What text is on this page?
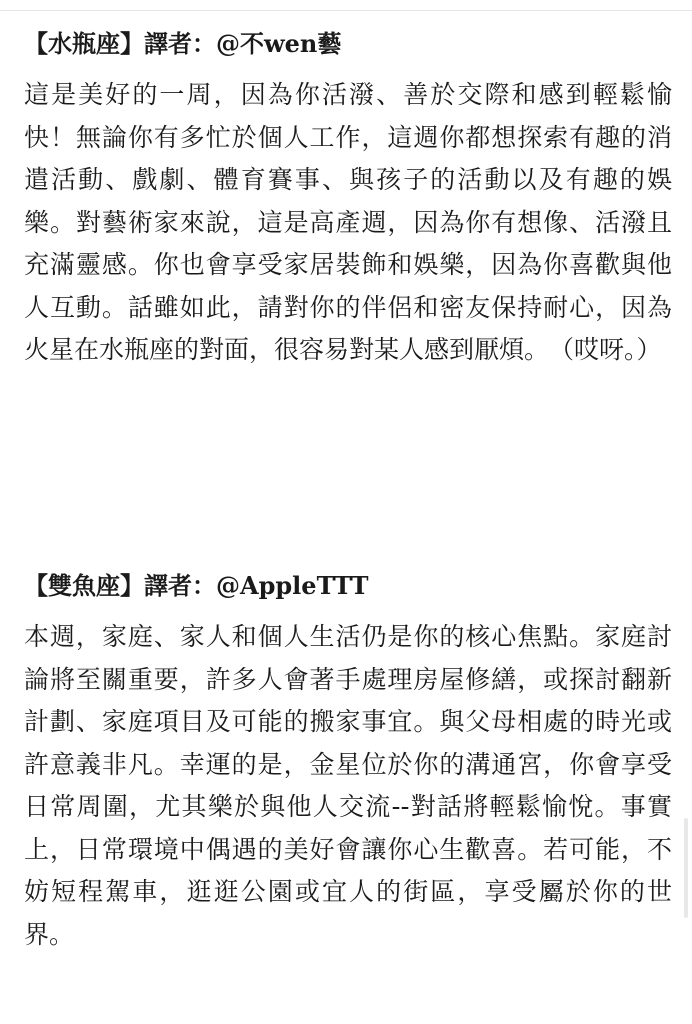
【水瓶座】譯者：@不wen藝

這是美好的一周，因為你活潑、善於交際和感到輕鬆愉快！無論你有多忙於個人工作，這週你都想探索有趣的消遣活動、戲劇、體育賽事、與孩子的活動以及有趣的娛樂。對藝術家來說，這是高產週，因為你有想像、活潑且充滿靈感。你也會享受家居裝飾和娛樂，因為你喜歡與他人互動。話雖如此，請對你的伴侶和密友保持耐心，因為火星在水瓶座的對面，很容易對某人感到厭煩。　（哎呀。）

【雙魚座】譯者：@AppleTTT

本週，家庭、家人和個人生活仍是你的核心焦點。家庭討論將至關重要，許多人會著手處理房屋修繕，或探討翻新計劃、家庭項目及可能的搬家事宜。與父母相處的時光或許意義非凡。幸運的是，金星位於你的溝通宮，你會享受日常周圍，尤其樂於與他人交流--對話將輕鬆愉悅。事實上，日常環境中偶遇的美好會讓你心生歡喜。若可能，不妨短程駕車，逛逛公園或宜人的街區，享受屬於你的世界。
